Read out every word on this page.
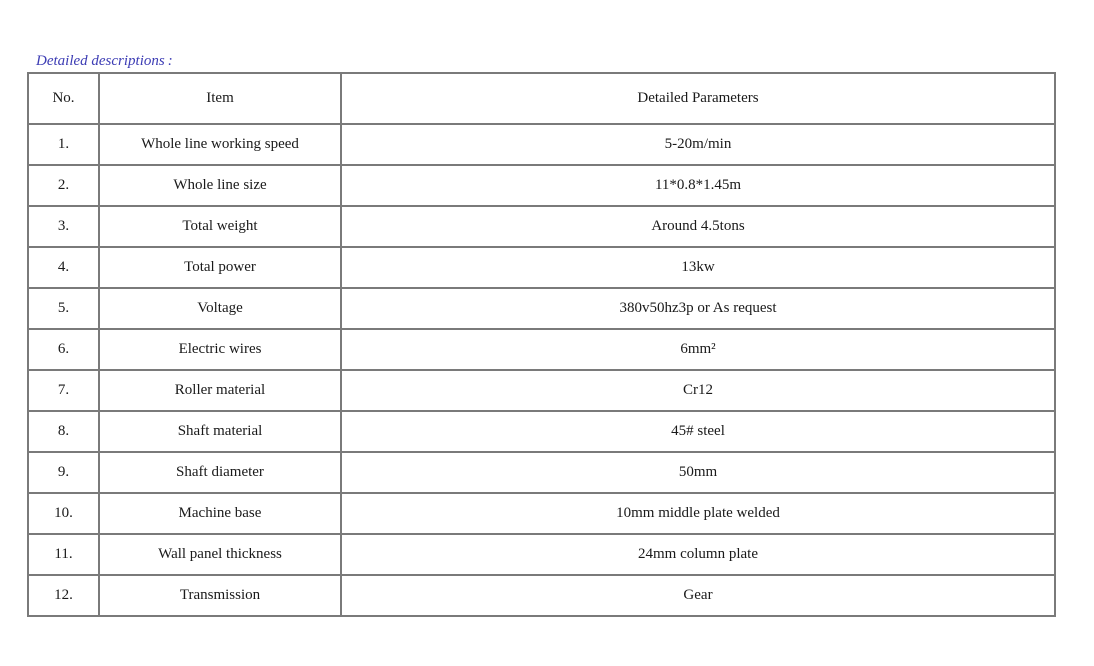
Detailed descriptions :
No.	Item	Detailed Parameters
1.	Whole line working speed	5-20m/min
2.	Whole line size	11*0.8*1.45m
3.	Total weight	Around 4.5tons
4.	Total power	13kw
5.	Voltage	380v50hz3p or As request
6.	Electric wires	6mm²
7.	Roller material	Cr12
8.	Shaft material	45# steel
9.	Shaft diameter	50mm
10.	Machine base	10mm middle plate welded
11.	Wall panel thickness	24mm column plate
12.	Transmission	Gear
